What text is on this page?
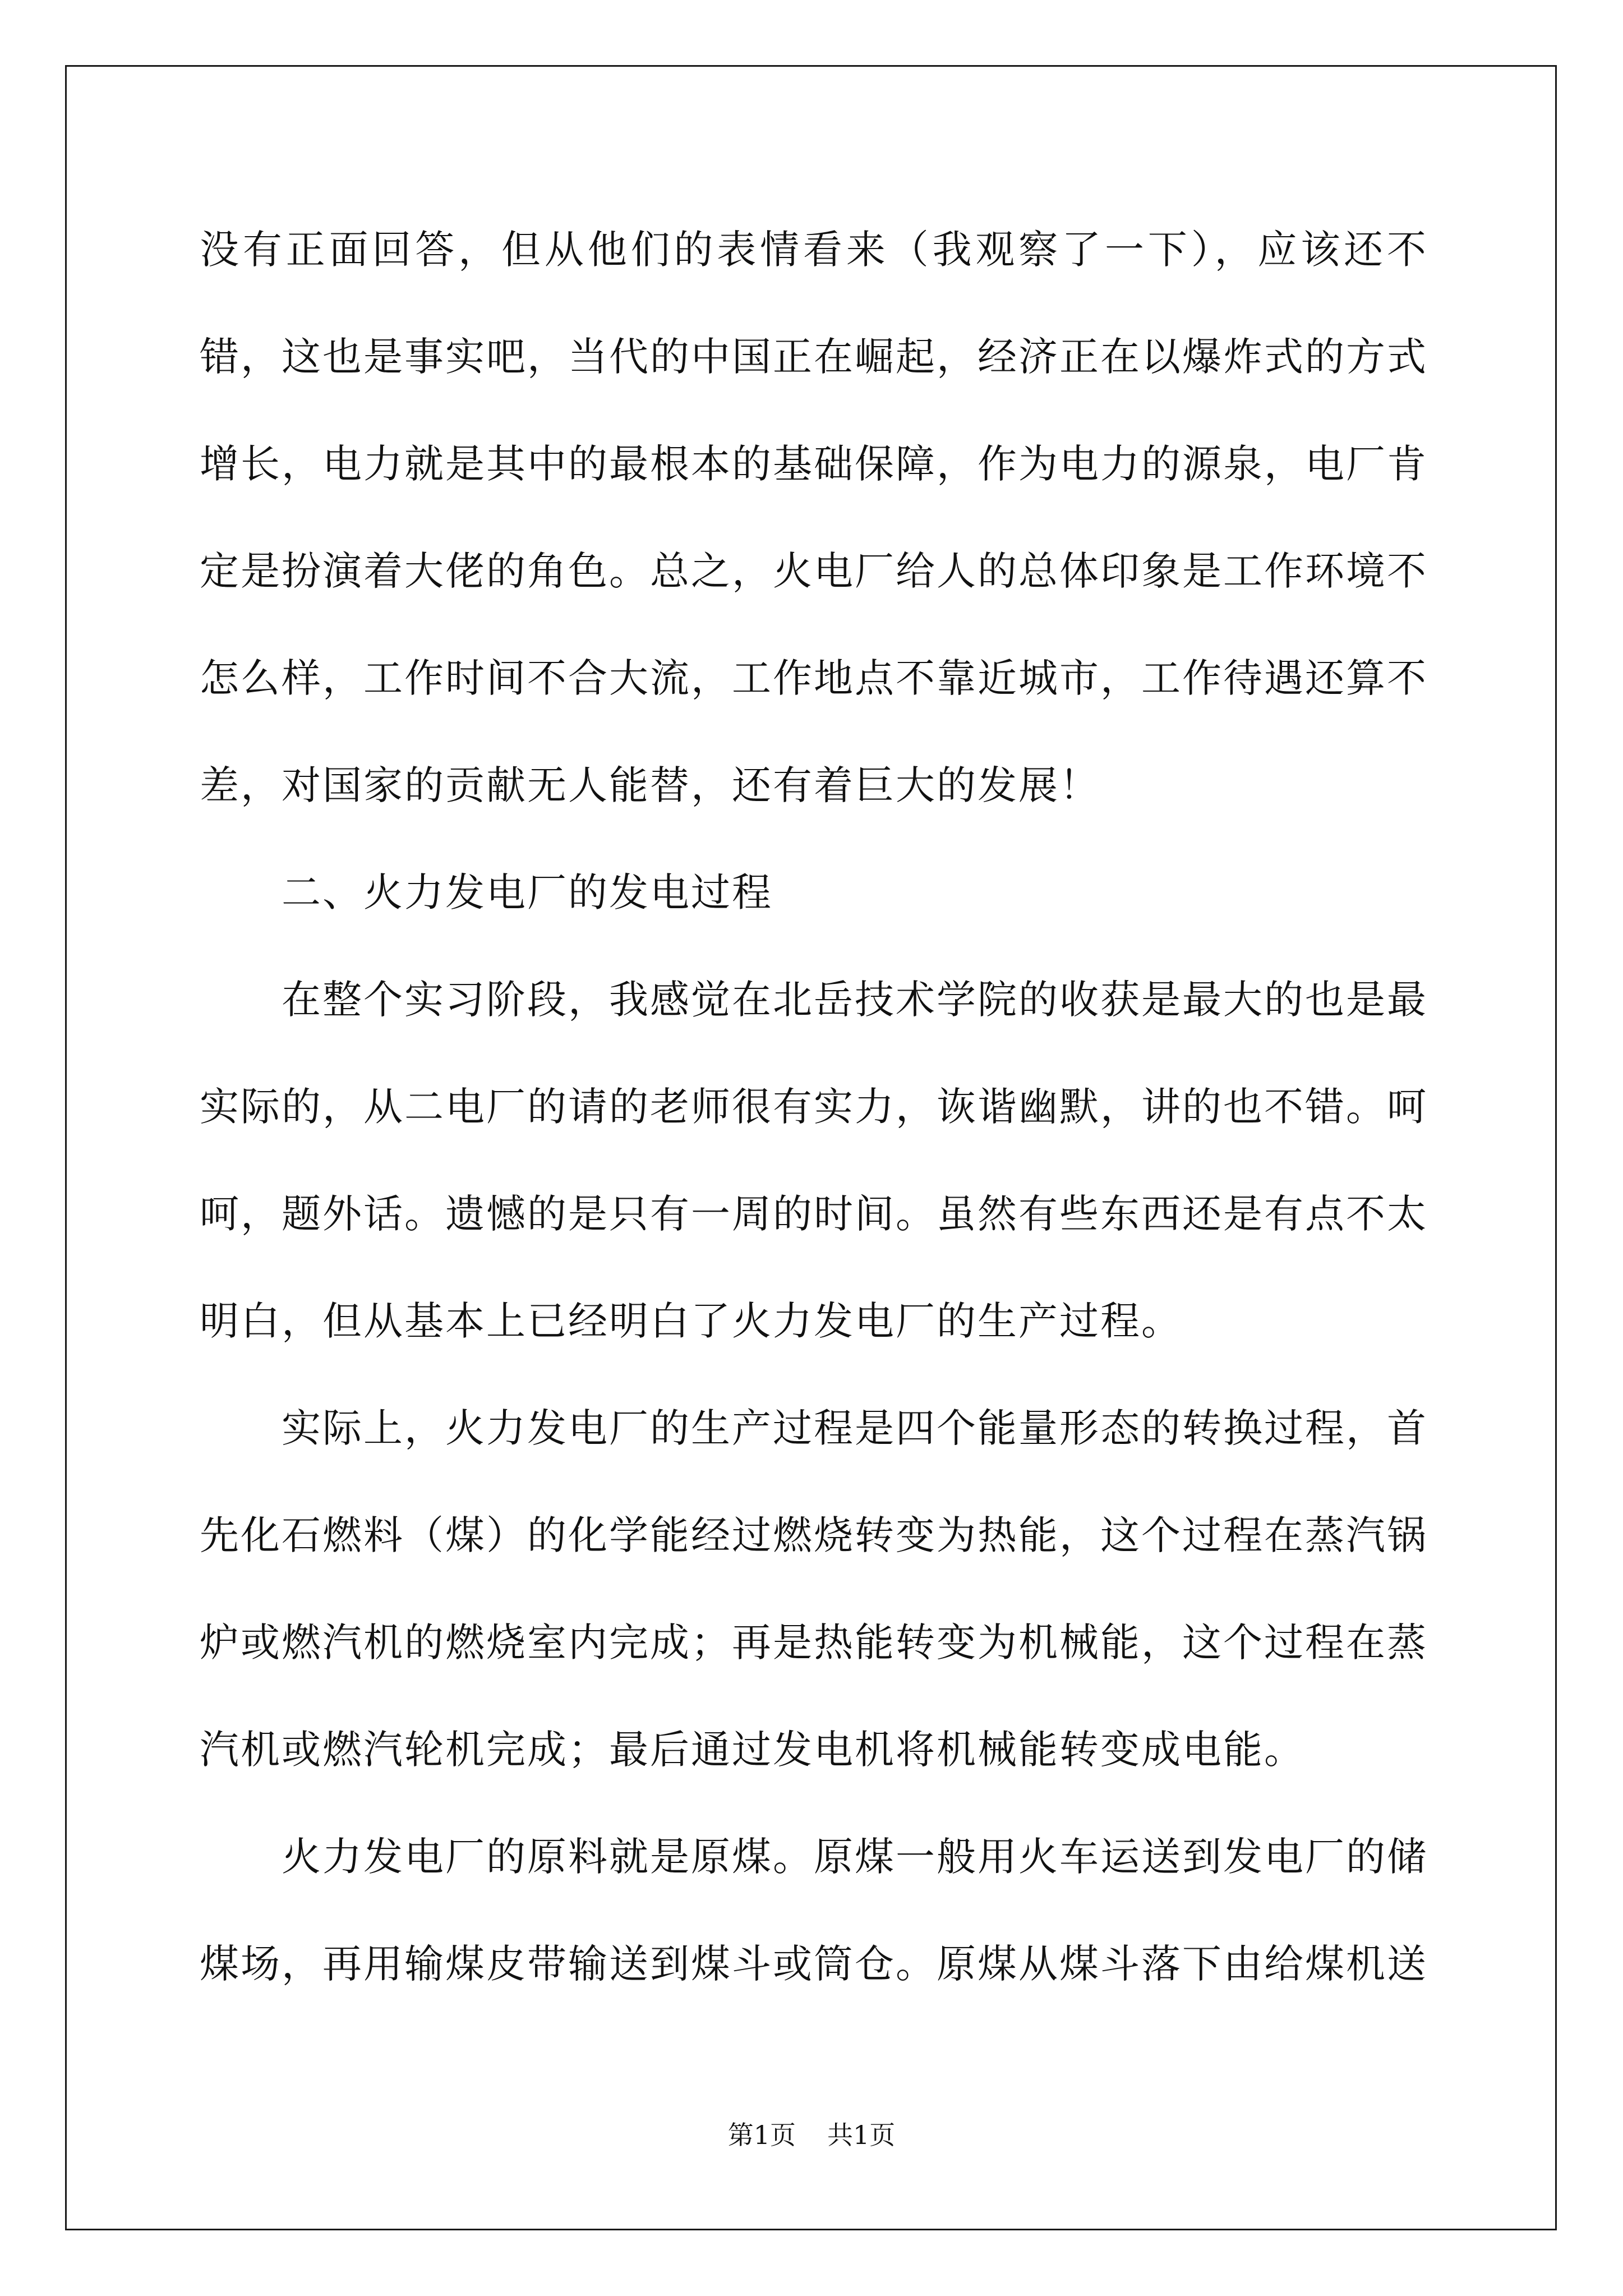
没有正面回答，但从他们的表情看来（我观察了一下），应该还不错，这也是事实吧，当代的中国正在崛起，经济正在以爆炸式的方式增长，电力就是其中的最根本的基础保障，作为电力的源泉，电厂肯定是扮演着大佬的角色。总之，火电厂给人的总体印象是工作环境不怎么样，工作时间不合大流，工作地点不靠近城市，工作待遇还算不差，对国家的贡献无人能替，还有着巨大的发展！

二、火力发电厂的发电过程

在整个实习阶段，我感觉在北岳技术学院的收获是最大的也是最实际的，从二电厂的请的老师很有实力，诙谐幽默，讲的也不错。呵呵，题外话。遗憾的是只有一周的时间。虽然有些东西还是有点不太明白，但从基本上已经明白了火力发电厂的生产过程。

实际上，火力发电厂的生产过程是四个能量形态的转换过程，首先化石燃料（煤）的化学能经过燃烧转变为热能，这个过程在蒸汽锅炉或燃汽机的燃烧室内完成；再是热能转变为机械能，这个过程在蒸汽机或燃汽轮机完成；最后通过发电机将机械能转变成电能。

火力发电厂的原料就是原煤。原煤一般用火车运送到发电厂的储煤场，再用输煤皮带输送到煤斗或筒仓。原煤从煤斗落下由给煤机送

第1页 共1页
